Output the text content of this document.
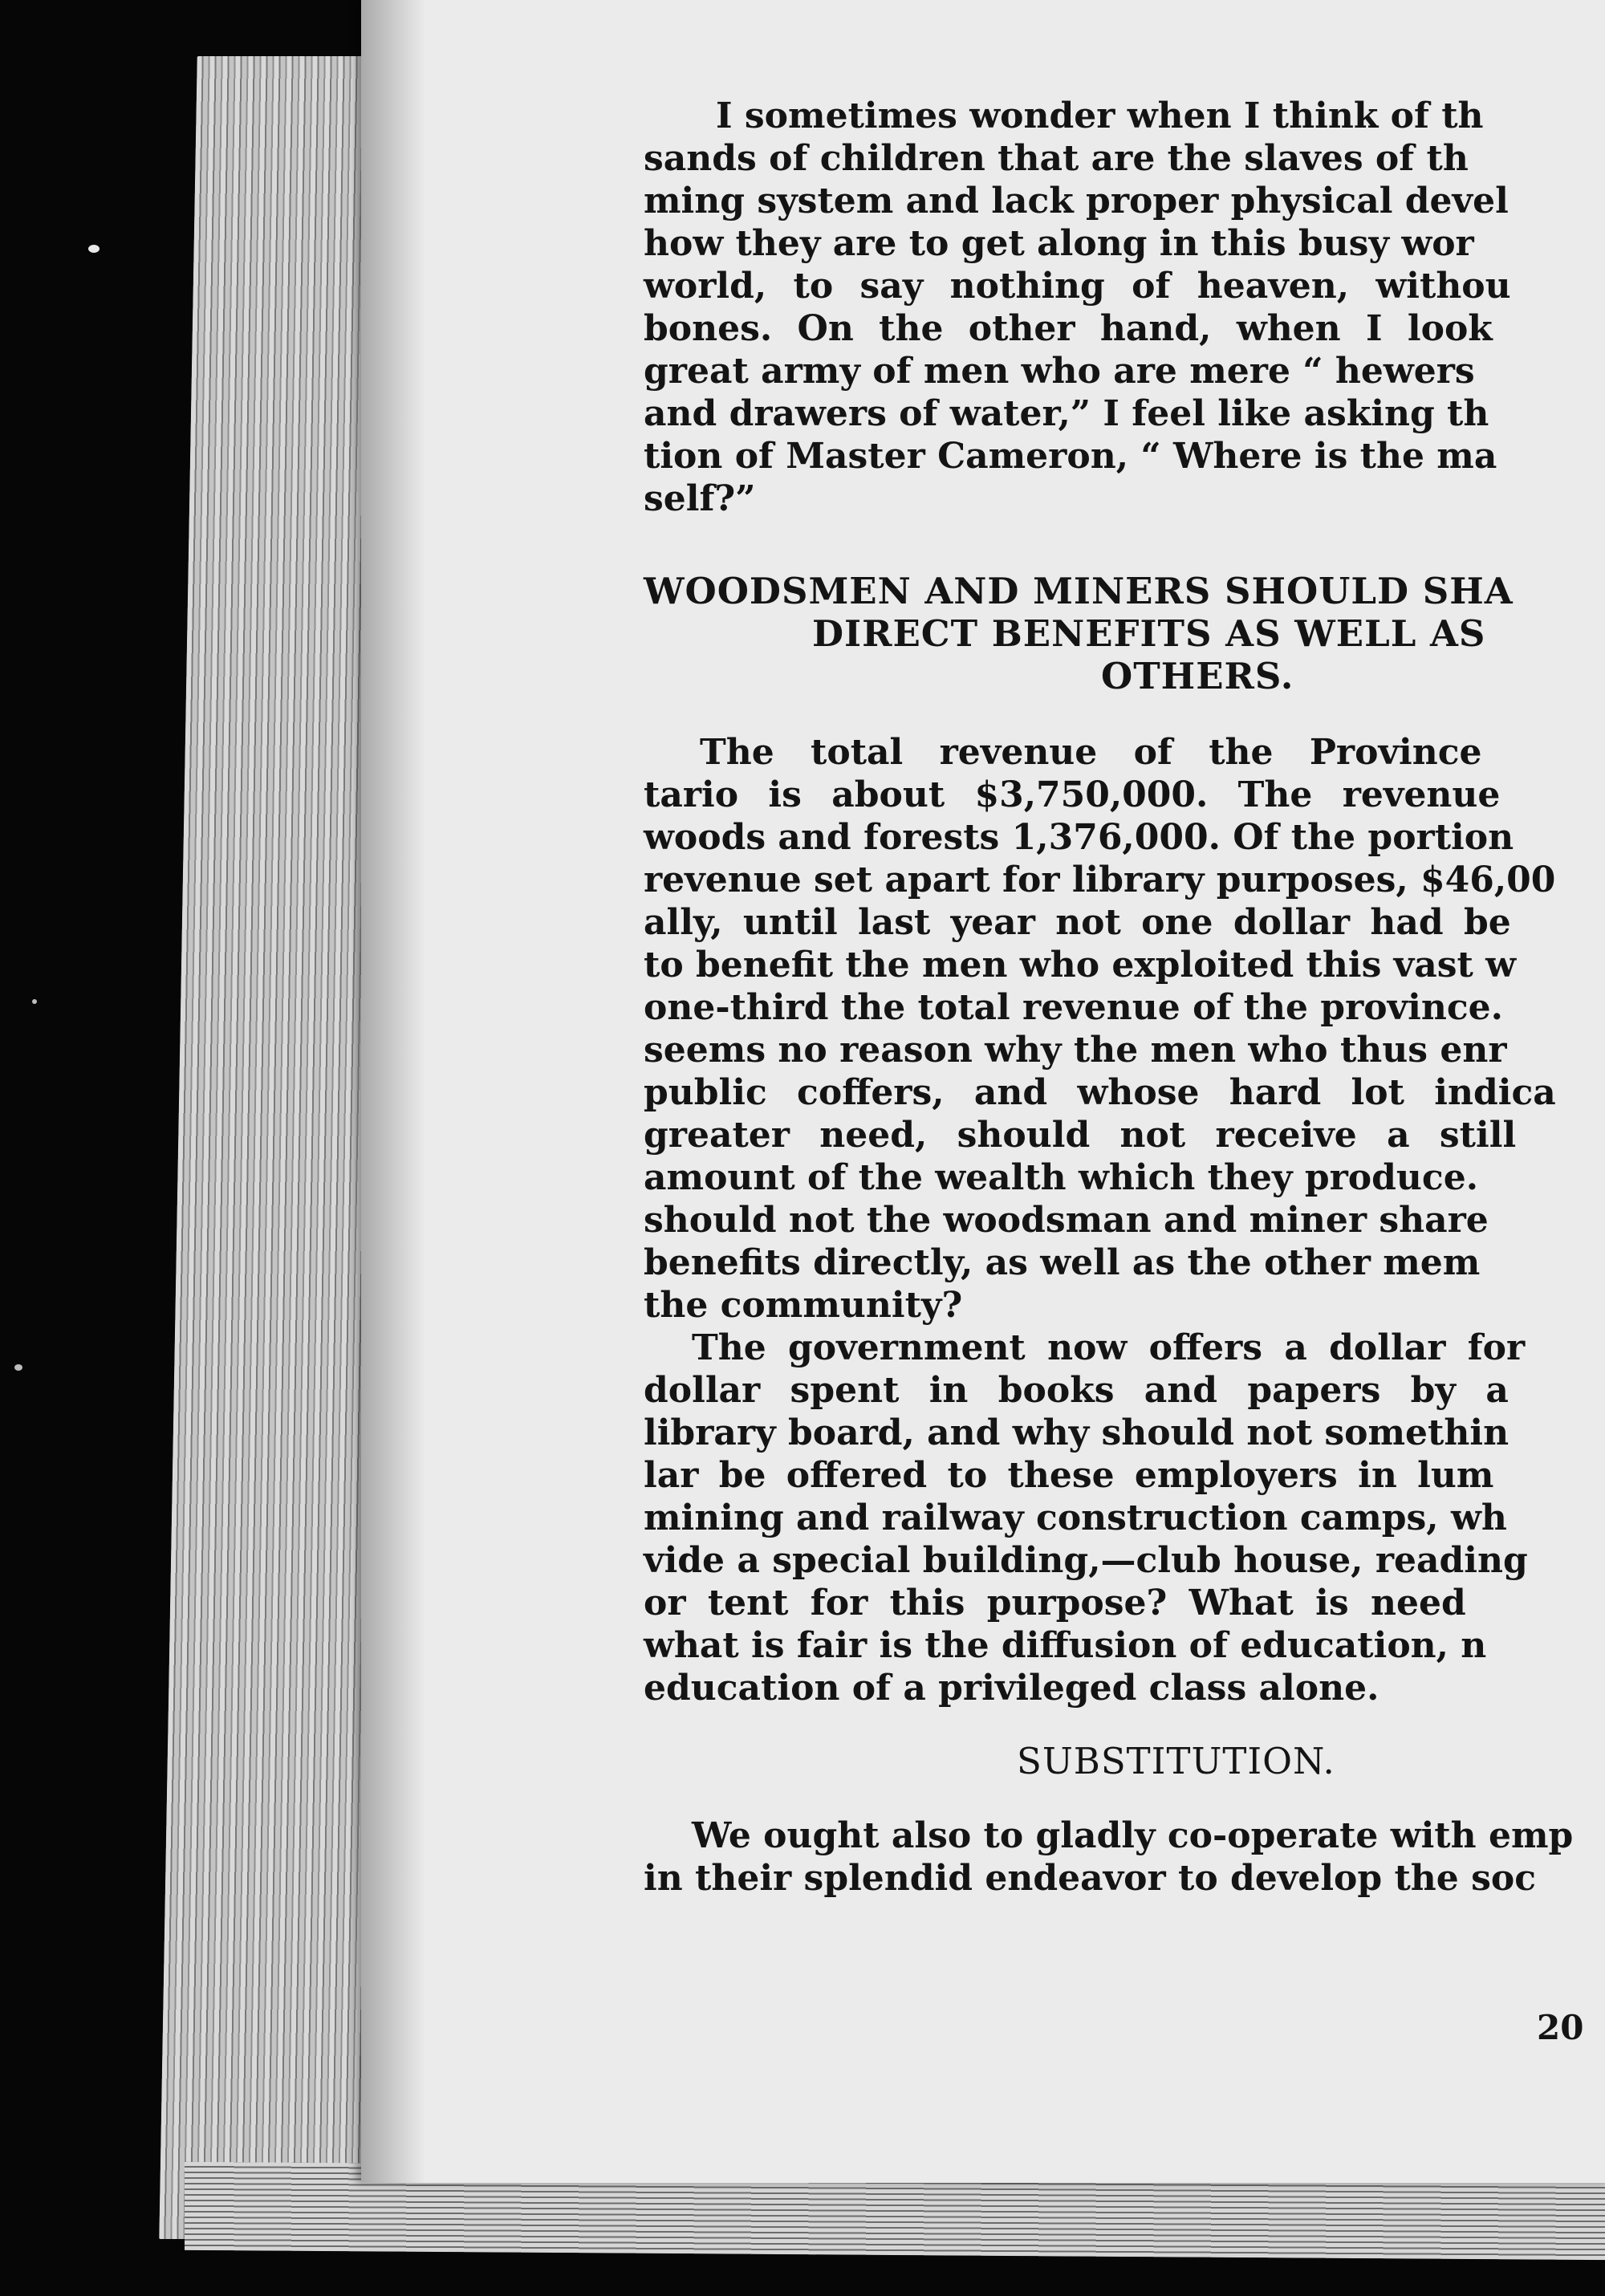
I sometimes wonder when I think of th
sands of children that are the slaves of th
ming system and lack proper physical devel
how they are to get along in this busy wor
world, to say nothing of heaven, withou
bones. On the other hand, when I look
great army of men who are mere “ hewers
and drawers of water,” I feel like asking th
tion of Master Cameron, “ Where is the ma
self?”
WOODSMEN AND MINERS SHOULD SHA
DIRECT BENEFITS AS WELL AS
OTHERS.
The total revenue of the Province
tario is about $3,750,000. The revenue
woods and forests 1,376,000. Of the portion
revenue set apart for library purposes, $46,00
ally, until last year not one dollar had be
to benefit the men who exploited this vast w
one-third the total revenue of the province.
seems no reason why the men who thus enr
public coffers, and whose hard lot indica
greater need, should not receive a still
amount of the wealth which they produce.
should not the woodsman and miner share
benefits directly, as well as the other mem
the community?
The government now offers a dollar for
dollar spent in books and papers by a
library board, and why should not somethin
lar be offered to these employers in lum
mining and railway construction camps, wh
vide a special building,—club house, reading
or tent for this purpose? What is need
what is fair is the diffusion of education, n
education of a privileged class alone.
SUBSTITUTION.
We ought also to gladly co-operate with emp
in their splendid endeavor to develop the soc
20
